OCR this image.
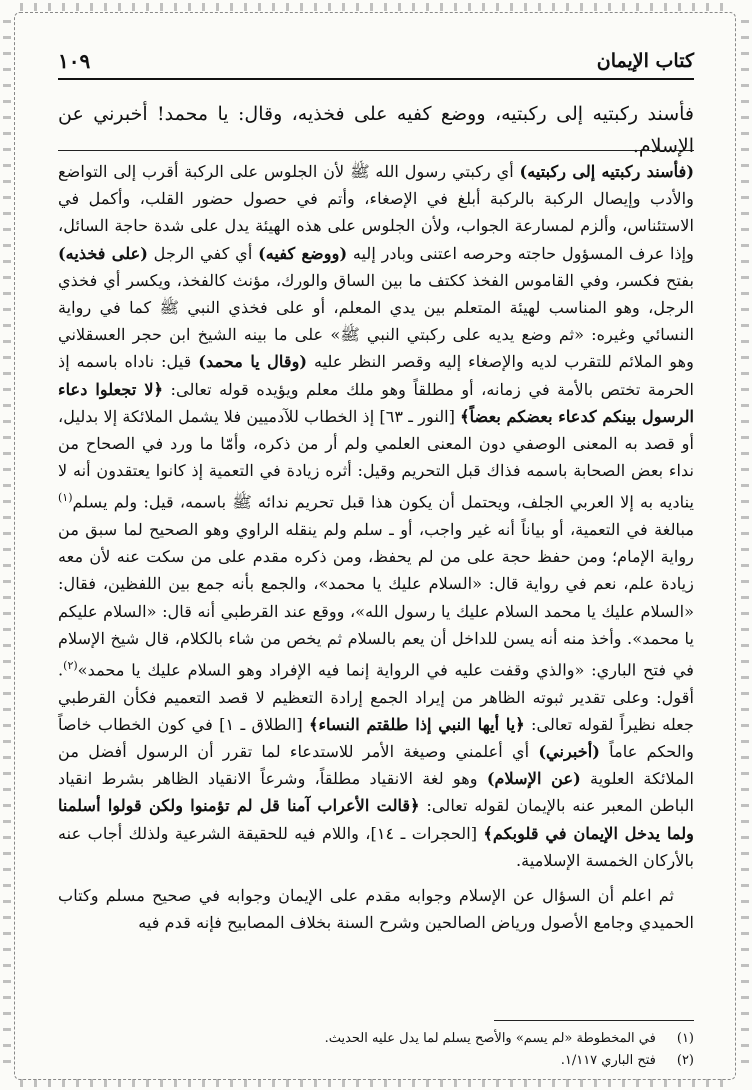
كتاب الإيمان
١٠٩
فأسند ركبتيه إلى ركبتيه، ووضع كفيه على فخذيه، وقال: يا محمد! أخبرني عن الإسلام.

(فأسند ركبتيه إلى ركبتيه) أي ركبتي رسول الله ﷺ لأن الجلوس على الركبة أقرب إلى التواضع والأدب وإيصال الركبة بالركبة أبلغ في الإصغاء، وأتم في حصول حضور القلب، وأكمل في الاستئناس، وألزم لمسارعة الجواب، ولأن الجلوس على هذه الهيئة يدل على شدة حاجة السائل، وإذا عرف المسؤول حاجته وحرصه اعتنى وبادر إليه (ووضع كفيه) أي كفي الرجل (على فخذيه) بفتح فكسر، وفي القاموس الفخذ ككتف ما بين الساق والورك، مؤنث كالفخذ، ويكسر أي فخذي الرجل، وهو المناسب لهيئة المتعلم بين يدي المعلم، أو على فخذي النبي ﷺ كما في رواية النسائي وغيره: «ثم وضع يديه على ركبتي النبي ﷺ» على ما بينه الشيخ ابن حجر العسقلاني وهو الملائم للتقرب لديه والإصغاء إليه وقصر النظر عليه (وقال يا محمد) قيل: ناداه باسمه إذ الحرمة تختص بالأمة في زمانه، أو مطلقاً وهو ملك معلم ويؤيده قوله تعالى: ﴿لا تجعلوا دعاء الرسول بينكم كدعاء بعضكم بعضاً﴾ [النور ـ ٦٣] إذ الخطاب للآدميين فلا يشمل الملائكة إلا بدليل، أو قصد به المعنى الوصفي دون المعنى العلمي ولم أر من ذكره، وأمّا ما ورد في الصحاح من نداء بعض الصحابة باسمه فذاك قبل التحريم وقيل: أثره زيادة في التعمية إذ كانوا يعتقدون أنه لا يناديه به إلا العربي الجلف، ويحتمل أن يكون هذا قبل تحريم ندائه ﷺ باسمه، قيل: ولم يسلم$^{(١)}$ مبالغة في التعمية، أو بياناً أنه غير واجب، أو ـ سلم ولم ينقله الراوي وهو الصحيح لما سبق من رواية الإمام؛ ومن حفظ حجة على من لم يحفظ، ومن ذكره مقدم على من سكت عنه لأن معه زيادة علم، نعم في رواية قال: «السلام عليك يا محمد»، والجمع بأنه جمع بين اللفظين، فقال: «السلام عليك يا محمد السلام عليك يا رسول الله»، ووقع عند القرطبي أنه قال: «السلام عليكم يا محمد». وأخذ منه أنه يسن للداخل أن يعم بالسلام ثم يخص من شاء بالكلام، قال شيخ الإسلام في فتح الباري: «والذي وقفت عليه في الرواية إنما فيه الإفراد وهو السلام عليك يا محمد»$^{(٢)}$. أقول: وعلى تقدير ثبوته الظاهر من إيراد الجمع إرادة التعظيم لا قصد التعميم فكأن القرطبي جعله نظيراً لقوله تعالى: ﴿يا أيها النبي إذا طلقتم النساء﴾ [الطلاق ـ ١] في كون الخطاب خاصاً والحكم عاماً (أخبرني) أي أعلمني وصيغة الأمر للاستدعاء لما تقرر أن الرسول أفضل من الملائكة العلوية (عن الإسلام) وهو لغة الانقياد مطلقاً، وشرعاً الانقياد الظاهر بشرط انقياد الباطن المعبر عنه بالإيمان لقوله تعالى: ﴿قالت الأعراب آمنا قل لم تؤمنوا ولكن قولوا أسلمنا ولما يدخل الإيمان في قلوبكم﴾ [الحجرات ـ ١٤]، واللام فيه للحقيقة الشرعية ولذلك أجاب عنه بالأركان الخمسة الإسلامية.

ثم اعلم أن السؤال عن الإسلام وجوابه مقدم على الإيمان وجوابه في صحيح مسلم وكتاب الحميدي وجامع الأصول ورياض الصالحين وشرح السنة بخلاف المصابيح فإنه قدم فيه

(١) في المخطوطة «لم يسم» والأصح يسلم لما يدل عليه الحديث.
(٢) فتح الباري ١/١١٧.
